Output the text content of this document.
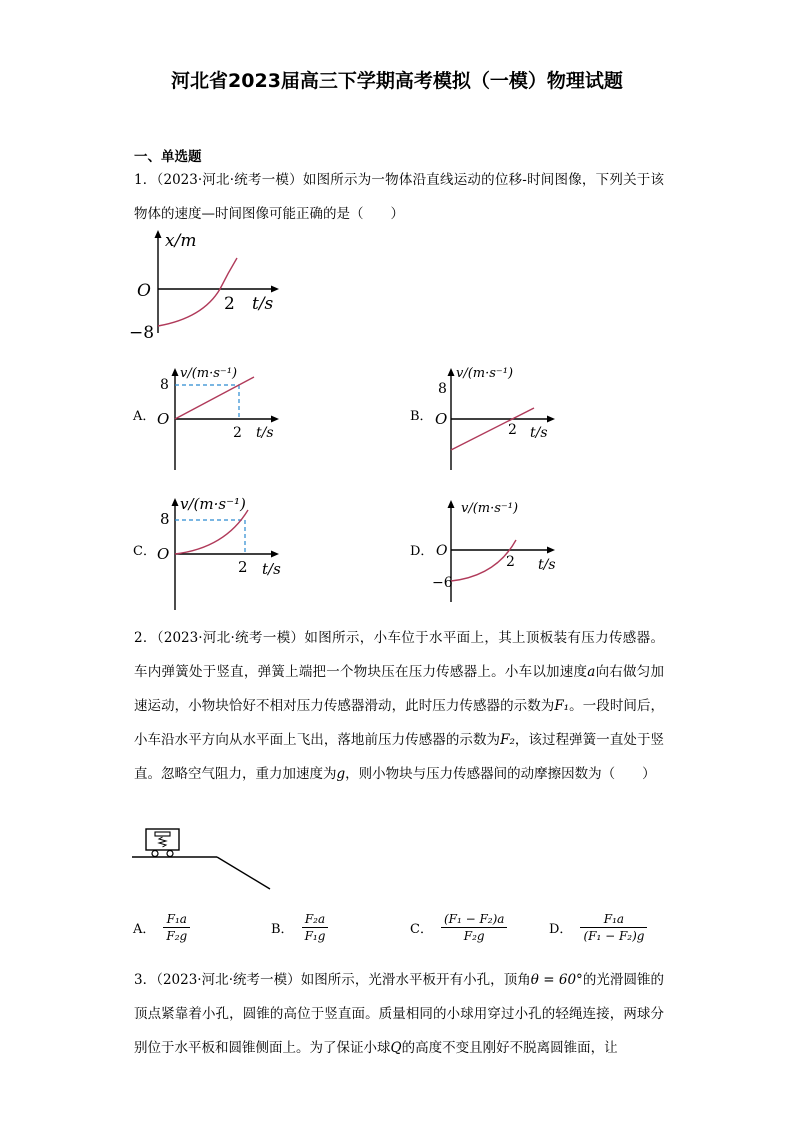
河北省2023届高三下学期高考模拟（一模）物理试题
一、单选题

1．（2023·河北·统考一模）如图所示为一物体沿直线运动的位移-时间图像，下列关于该物体的速度—时间图像可能正确的是（　　）

x/m
O
−8
2 t/s
A．
v/(m·s⁻¹)
8
O
2 t/s
B．
v/(m·s⁻¹)
8
O
2 t/s
C．
v/(m·s⁻¹)
8
O
2 t/s
D．
v/(m·s⁻¹)
O
−6
2 t/s

2．（2023·河北·统考一模）如图所示，小车位于水平面上，其上顶板装有压力传感器。车内弹簧处于竖直，弹簧上端把一个物块压在压力传感器上。小车以加速度a向右做匀加速运动，小物块恰好不相对压力传感器滑动，此时压力传感器的示数为F₁。一段时间后，小车沿水平方向从水平面上飞出，落地前压力传感器的示数为F₂，该过程弹簧一直处于竖直。忽略空气阻力，重力加速度为g，则小物块与压力传感器间的动摩擦因数为（　　）

A． $\frac{\text{F₁a}}{\text{F₂g}}$	B． $\frac{\text{F₂a}}{\text{F₁g}}$	C． $\frac{\text{(F₁ − F₂)a}}{\text{F₂g}}$	D． $\frac{\text{F₁a}}{\text{(F₁ − F₂)g}}$

3．（2023·河北·统考一模）如图所示，光滑水平板开有小孔，顶角θ = 60°的光滑圆锥的顶点紧靠着小孔，圆锥的高位于竖直面。质量相同的小球用穿过小孔的轻绳连接，两球分别位于水平板和圆锥侧面上。为了保证小球Q的高度不变且刚好不脱离圆锥面，让
